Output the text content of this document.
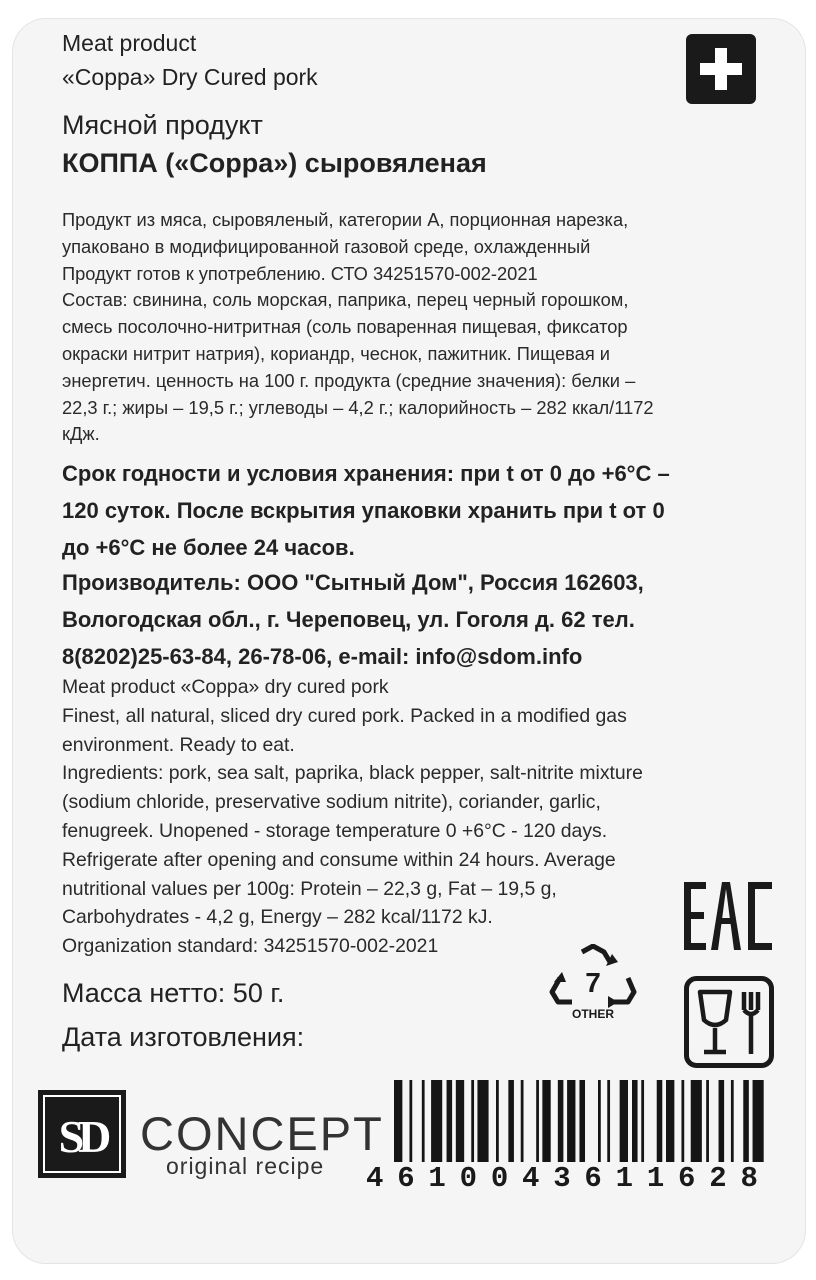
Meat product
«Coppa» Dry Cured pork
Мясной продукт
КОППА («Coppa») сыровяленая
Продукт из мяса, сыровяленый, категории А, порционная нарезка,
упаковано в модифицированной газовой среде, охлажденный
Продукт готов к употреблению. СТО 34251570-002-2021
Состав: свинина, соль морская, паприка, перец черный горошком,
смесь посолочно-нитритная (соль поваренная пищевая, фиксатор
окраски нитрит натрия), кориандр, чеснок, пажитник. Пищевая и
энергетич. ценность на 100 г. продукта (средние значения): белки –
22,3 г.; жиры – 19,5 г.; углеводы – 4,2 г.; калорийность – 282 ккал/1172
кДж.
Срок годности и условия хранения: при t от 0 до +6°С –
120 суток. После вскрытия упаковки хранить при t от 0
до +6°С не более 24 часов.
Производитель: ООО "Сытный Дом", Россия 162603,
Вологодская обл., г. Череповец, ул. Гоголя д. 62 тел.
8(8202)25-63-84, 26-78-06, e-mail: info@sdom.info
Meat product «Coppa» dry cured pork
Finest, all natural, sliced dry cured pork. Packed in a modified gas
environment. Ready to eat.
Ingredients: pork, sea salt, paprika, black pepper, salt-nitrite mixture
(sodium chloride, preservative sodium nitrite), coriander, garlic,
fenugreek. Unopened - storage temperature 0 +6°C - 120 days.
Refrigerate after opening and consume within 24 hours. Average
nutritional values per 100g: Protein – 22,3 g, Fat – 19,5 g,
Carbohydrates - 4,2 g, Energy – 282 kcal/1172 kJ.
Organization standard: 34251570-002-2021
7
OTHER
Масса нетто: 50 г.
Дата изготовления:
SD CONCEPT
original recipe 4 6 1 0 0 4 3 6 1 1 6 2 8
